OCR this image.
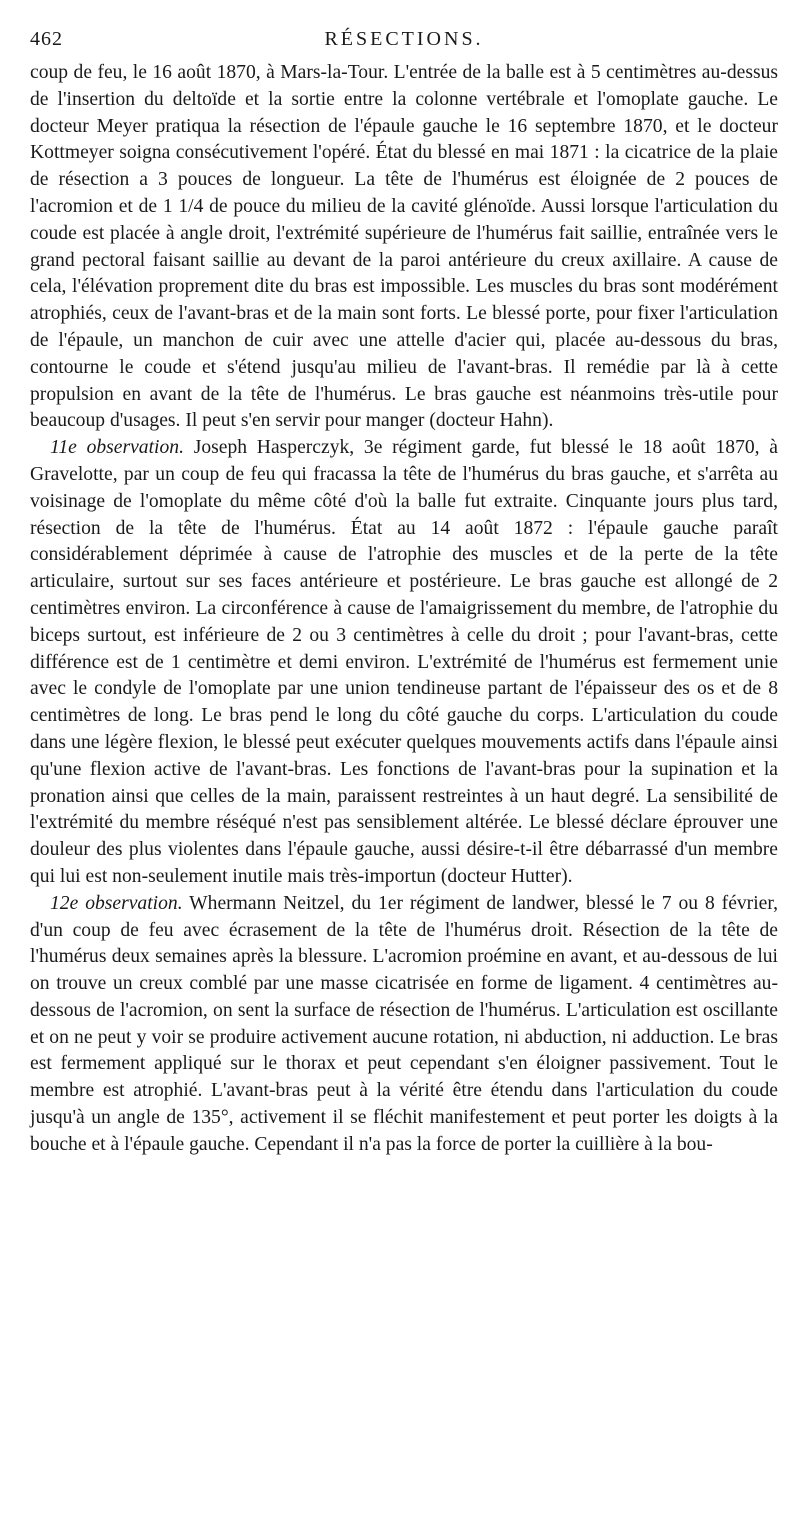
462	RÉSECTIONS.

coup de feu, le 16 août 1870, à Mars-la-Tour. L'entrée de la balle est à 5 centimètres au-dessus de l'insertion du deltoïde et la sortie entre la colonne vertébrale et l'omoplate gauche. Le docteur Meyer pratiqua la résection de l'épaule gauche le 16 septembre 1870, et le docteur Kottmeyer soigna consécutivement l'opéré. État du blessé en mai 1871 : la cicatrice de la plaie de résection a 3 pouces de longueur. La tête de l'humérus est éloignée de 2 pouces de l'acromion et de 1 1/4 de pouce du milieu de la cavité glénoïde. Aussi lorsque l'articulation du coude est placée à angle droit, l'extrémité supérieure de l'humérus fait saillie, entraînée vers le grand pectoral faisant saillie au devant de la paroi antérieure du creux axillaire. A cause de cela, l'élévation proprement dite du bras est impossible. Les muscles du bras sont modérément atrophiés, ceux de l'avant-bras et de la main sont forts. Le blessé porte, pour fixer l'articulation de l'épaule, un manchon de cuir avec une attelle d'acier qui, placée au-dessous du bras, contourne le coude et s'étend jusqu'au milieu de l'avant-bras. Il remédie par là à cette propulsion en avant de la tête de l'humérus. Le bras gauche est néanmoins très-utile pour beaucoup d'usages. Il peut s'en servir pour manger (docteur Hahn).

11e observation. Joseph Hasperczyk, 3e régiment garde, fut blessé le 18 août 1870, à Gravelotte, par un coup de feu qui fracassa la tête de l'humérus du bras gauche, et s'arrêta au voisinage de l'omoplate du même côté d'où la balle fut extraite. Cinquante jours plus tard, résection de la tête de l'humérus. État au 14 août 1872 : l'épaule gauche paraît considérablement déprimée à cause de l'atrophie des muscles et de la perte de la tête articulaire, surtout sur ses faces antérieure et postérieure. Le bras gauche est allongé de 2 centimètres environ. La circonférence à cause de l'amaigrissement du membre, de l'atrophie du biceps surtout, est inférieure de 2 ou 3 centimètres à celle du droit ; pour l'avant-bras, cette différence est de 1 centimètre et demi environ. L'extrémité de l'humérus est fermement unie avec le condyle de l'omoplate par une union tendineuse partant de l'épaisseur des os et de 8 centimètres de long. Le bras pend le long du côté gauche du corps. L'articulation du coude dans une légère flexion, le blessé peut exécuter quelques mouvements actifs dans l'épaule ainsi qu'une flexion active de l'avant-bras. Les fonctions de l'avant-bras pour la supination et la pronation ainsi que celles de la main, paraissent restreintes à un haut degré. La sensibilité de l'extrémité du membre réséqué n'est pas sensiblement altérée. Le blessé déclare éprouver une douleur des plus violentes dans l'épaule gauche, aussi désire-t-il être débarrassé d'un membre qui lui est non-seulement inutile mais très-importun (docteur Hutter).

12e observation. Whermann Neitzel, du 1er régiment de landwer, blessé le 7 ou 8 février, d'un coup de feu avec écrasement de la tête de l'humérus droit. Résection de la tête de l'humérus deux semaines après la blessure. L'acromion proémine en avant, et au-dessous de lui on trouve un creux comblé par une masse cicatrisée en forme de ligament. 4 centimètres au-dessous de l'acromion, on sent la surface de résection de l'humérus. L'articulation est oscillante et on ne peut y voir se produire activement aucune rotation, ni abduction, ni adduction. Le bras est fermement appliqué sur le thorax et peut cependant s'en éloigner passivement. Tout le membre est atrophié. L'avant-bras peut à la vérité être étendu dans l'articulation du coude jusqu'à un angle de 135°, activement il se fléchit manifestement et peut porter les doigts à la bouche et à l'épaule gauche. Cependant il n'a pas la force de porter la cuillière à la bou-
